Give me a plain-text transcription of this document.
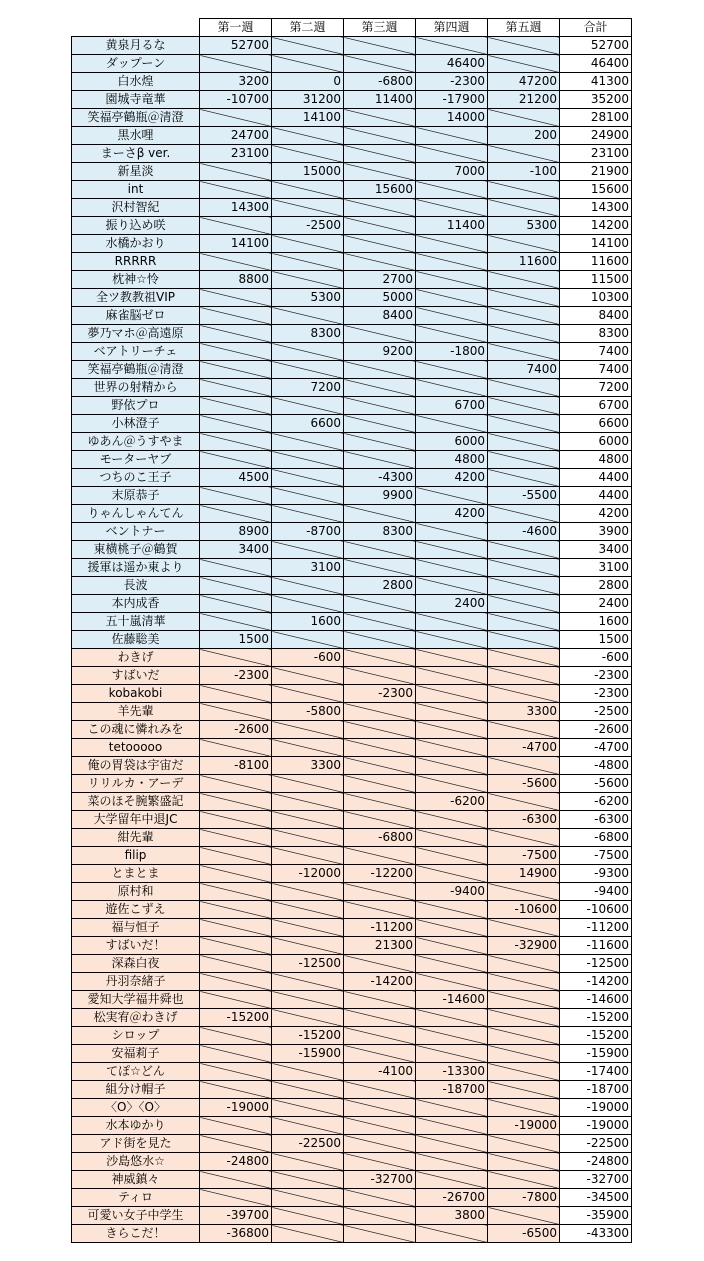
	第一週	第二週	第三週	第四週	第五週	合計
黄泉月るな	52700					52700
ダップーン				46400		46400
白水煌	3200	0	-6800	-2300	47200	41300
園城寺竜華	-10700	31200	11400	-17900	21200	35200
笑福亭鶴瓶＠清澄		14100		14000		28100
黒水哩	24700				200	24900
まーさβ ver.	23100					23100
新星淡		15000		7000	-100	21900
int			15600			15600
沢村智紀	14300					14300
振り込め咲		-2500		11400	5300	14200
水橋かおり	14100					14100
RRRRR					11600	11600
枕神☆怜	8800		2700			11500
全ツ教教祖VIP		5300	5000			10300
麻雀脳ゼロ			8400			8400
夢乃マホ＠高遠原		8300				8300
ベアトリーチェ			9200	-1800		7400
笑福亭鶴瓶＠清澄					7400	7400
世界の射精から		7200				7200
野依プロ				6700		6700
小林澄子		6600				6600
ゆあん＠うすやま				6000		6000
モーターヤブ				4800		4800
つちのこ王子	4500		-4300	4200		4400
末原恭子			9900		-5500	4400
りゃんしゃんてん				4200		4200
ベントナー	8900	-8700	8300		-4600	3900
東横桃子＠鶴賀	3400					3400
援軍は遥か東より		3100				3100
長波			2800			2800
本内成香				2400		2400
五十嵐清華		1600				1600
佐藤聡美	1500					1500
わきげ		-600				-600
すばいだ	-2300					-2300
kobakobi			-2300			-2300
羊先輩		-5800			3300	-2500
この魂に憐れみを	-2600					-2600
tetooooo					-4700	-4700
俺の胃袋は宇宙だ	-8100	3300				-4800
リリルカ・アーデ					-5600	-5600
菜のほそ腕繁盛記				-6200		-6200
大学留年中退JC					-6300	-6300
紺先輩			-6800			-6800
filip					-7500	-7500
とまとま		-12000	-12200		14900	-9300
原村和				-9400		-9400
遊佐こずえ					-10600	-10600
福与恒子			-11200			-11200
すばいだ！			21300		-32900	-11600
深森白夜		-12500				-12500
丹羽奈緒子			-14200			-14200
愛知大学福井舜也				-14600		-14600
松実宥＠わきげ	-15200					-15200
シロップ		-15200				-15200
安福莉子		-15900				-15900
てぽ☆どん			-4100	-13300		-17400
組分け帽子				-18700		-18700
〈O〉〈O〉	-19000					-19000
水本ゆかり					-19000	-19000
アド街を見た		-22500				-22500
沙島悠水☆	-24800					-24800
神威鎮々			-32700			-32700
ティロ				-26700	-7800	-34500
可愛い女子中学生	-39700			3800		-35900
きらこだ！	-36800				-6500	-43300
